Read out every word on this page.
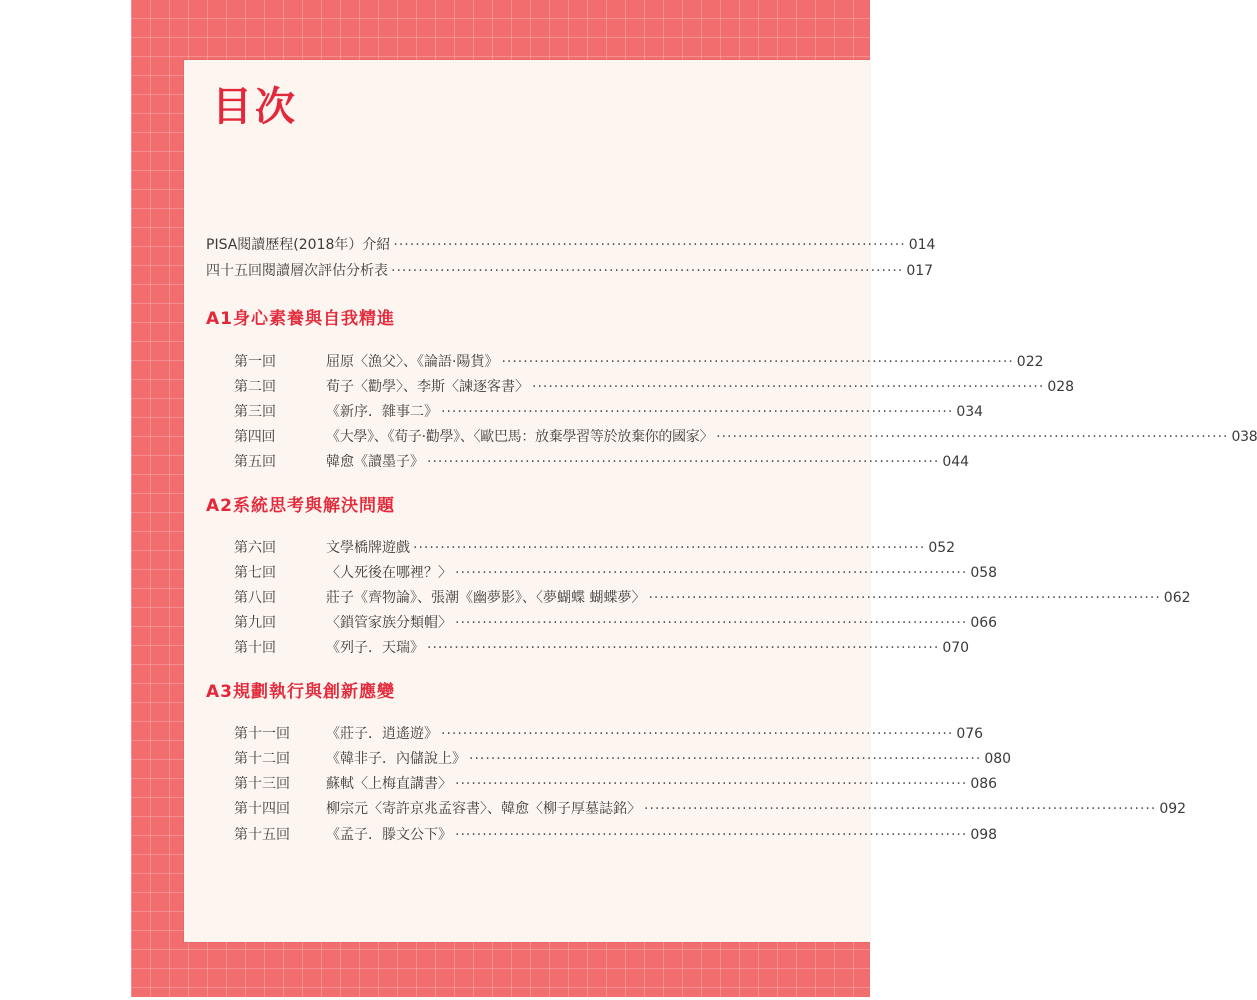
目次
PISA閱讀歷程(2018年）介紹 ······························································································ 014
四十五回閱讀層次評估分析表 ······························································································ 017
A1身心素養與自我精進
第一回	屈原〈漁父〉、《論語·陽貨》 ······························································································ 022
第二回	荀子〈勸學〉、李斯〈諫逐客書〉 ······························································································ 028
第三回	《新序．雜事二》 ······························································································ 034
第四回	《大學》、《荀子·勸學》、〈歐巴馬：放棄學習等於放棄你的國家〉 ······························································································ 038
第五回	韓愈《讀墨子》 ······························································································ 044
A2系統思考與解決問題
第六回	文學橋牌遊戲 ······························································································ 052
第七回	〈人死後在哪裡？〉 ······························································································ 058
第八回	莊子《齊物論》、張潮《幽夢影》、〈夢蝴蝶 蝴蝶夢〉 ······························································································ 062
第九回	〈鎖管家族分類帽〉 ······························································································ 066
第十回	《列子．天瑞》 ······························································································ 070
A3規劃執行與創新應變
第十一回	《莊子．逍遙遊》 ······························································································ 076
第十二回	《韓非子．內儲說上》 ······························································································ 080
第十三回	蘇軾〈上梅直講書〉 ······························································································ 086
第十四回	柳宗元〈寄許京兆孟容書〉、韓愈〈柳子厚墓誌銘〉 ······························································································ 092
第十五回	《孟子．滕文公下》 ······························································································ 098
